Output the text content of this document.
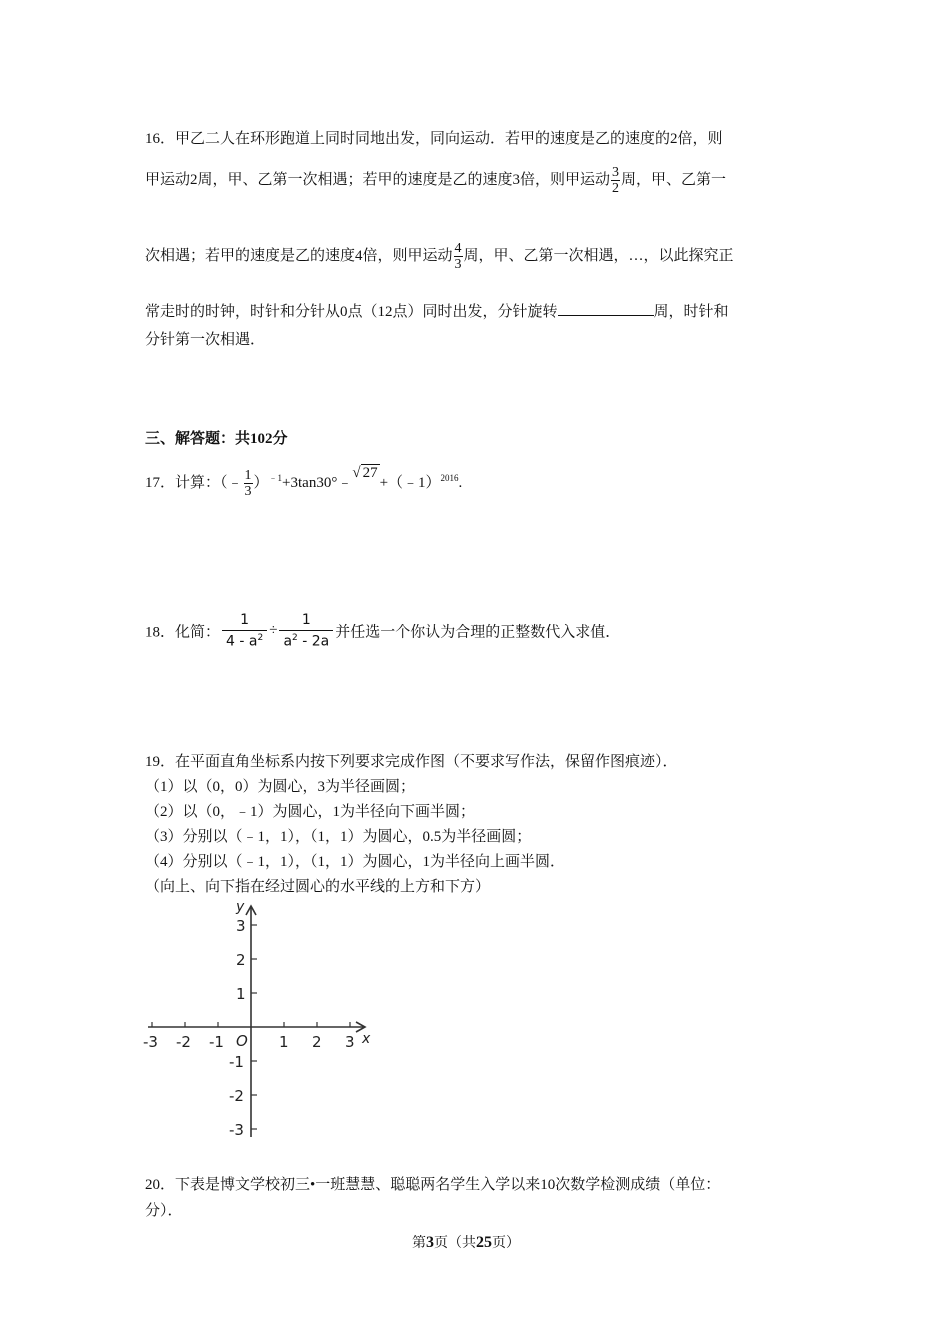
16．甲乙二人在环形跑道上同时同地出发，同向运动．若甲的速度是乙的速度的2倍，则
甲运动2周，甲、乙第一次相遇；若甲的速度是乙的速度3倍，则甲运动 $\frac{3}{2}$ 周，甲、乙第一
次相遇；若甲的速度是乙的速度4倍，则甲运动 $\frac{4}{3}$ 周，甲、乙第一次相遇，…，以此探究正
常走时的时钟，时针和分针从0点（12点）同时出发，分针旋转	周，时针和
分针第一次相遇．
三、解答题：共102分
17．计算：（﹣ $\frac{1}{3}$ ）$^{﹣1}$+3tan30°﹣√ 27+（﹣1）$^{2016}$.
18．化简： $\frac{1}{4 - a^2} \div \frac{1}{a^2 - 2a}$ 并任选一个你认为合理的正整数代入求值．
19．在平面直角坐标系内按下列要求完成作图（不要求写作法，保留作图痕迹）．
（1）以（0，0）为圆心，3为半径画圆；
（2）以（0，﹣1）为圆心，1为半径向下画半圆；
（3）分别以（﹣1，1），（1，1）为圆心，0.5为半径画圆；
（4）分别以（﹣1，1），（1，1）为圆心，1为半径向上画半圆．
（向上、向下指在经过圆心的水平线的上方和下方）
-3 -2 -1	1 2 3
O	x
y
3
2
1
-1
-2
-3
20．下表是博文学校初三•一班慧慧、聪聪两名学生入学以来10次数学检测成绩（单位：
分）．
第3页（共25页）
